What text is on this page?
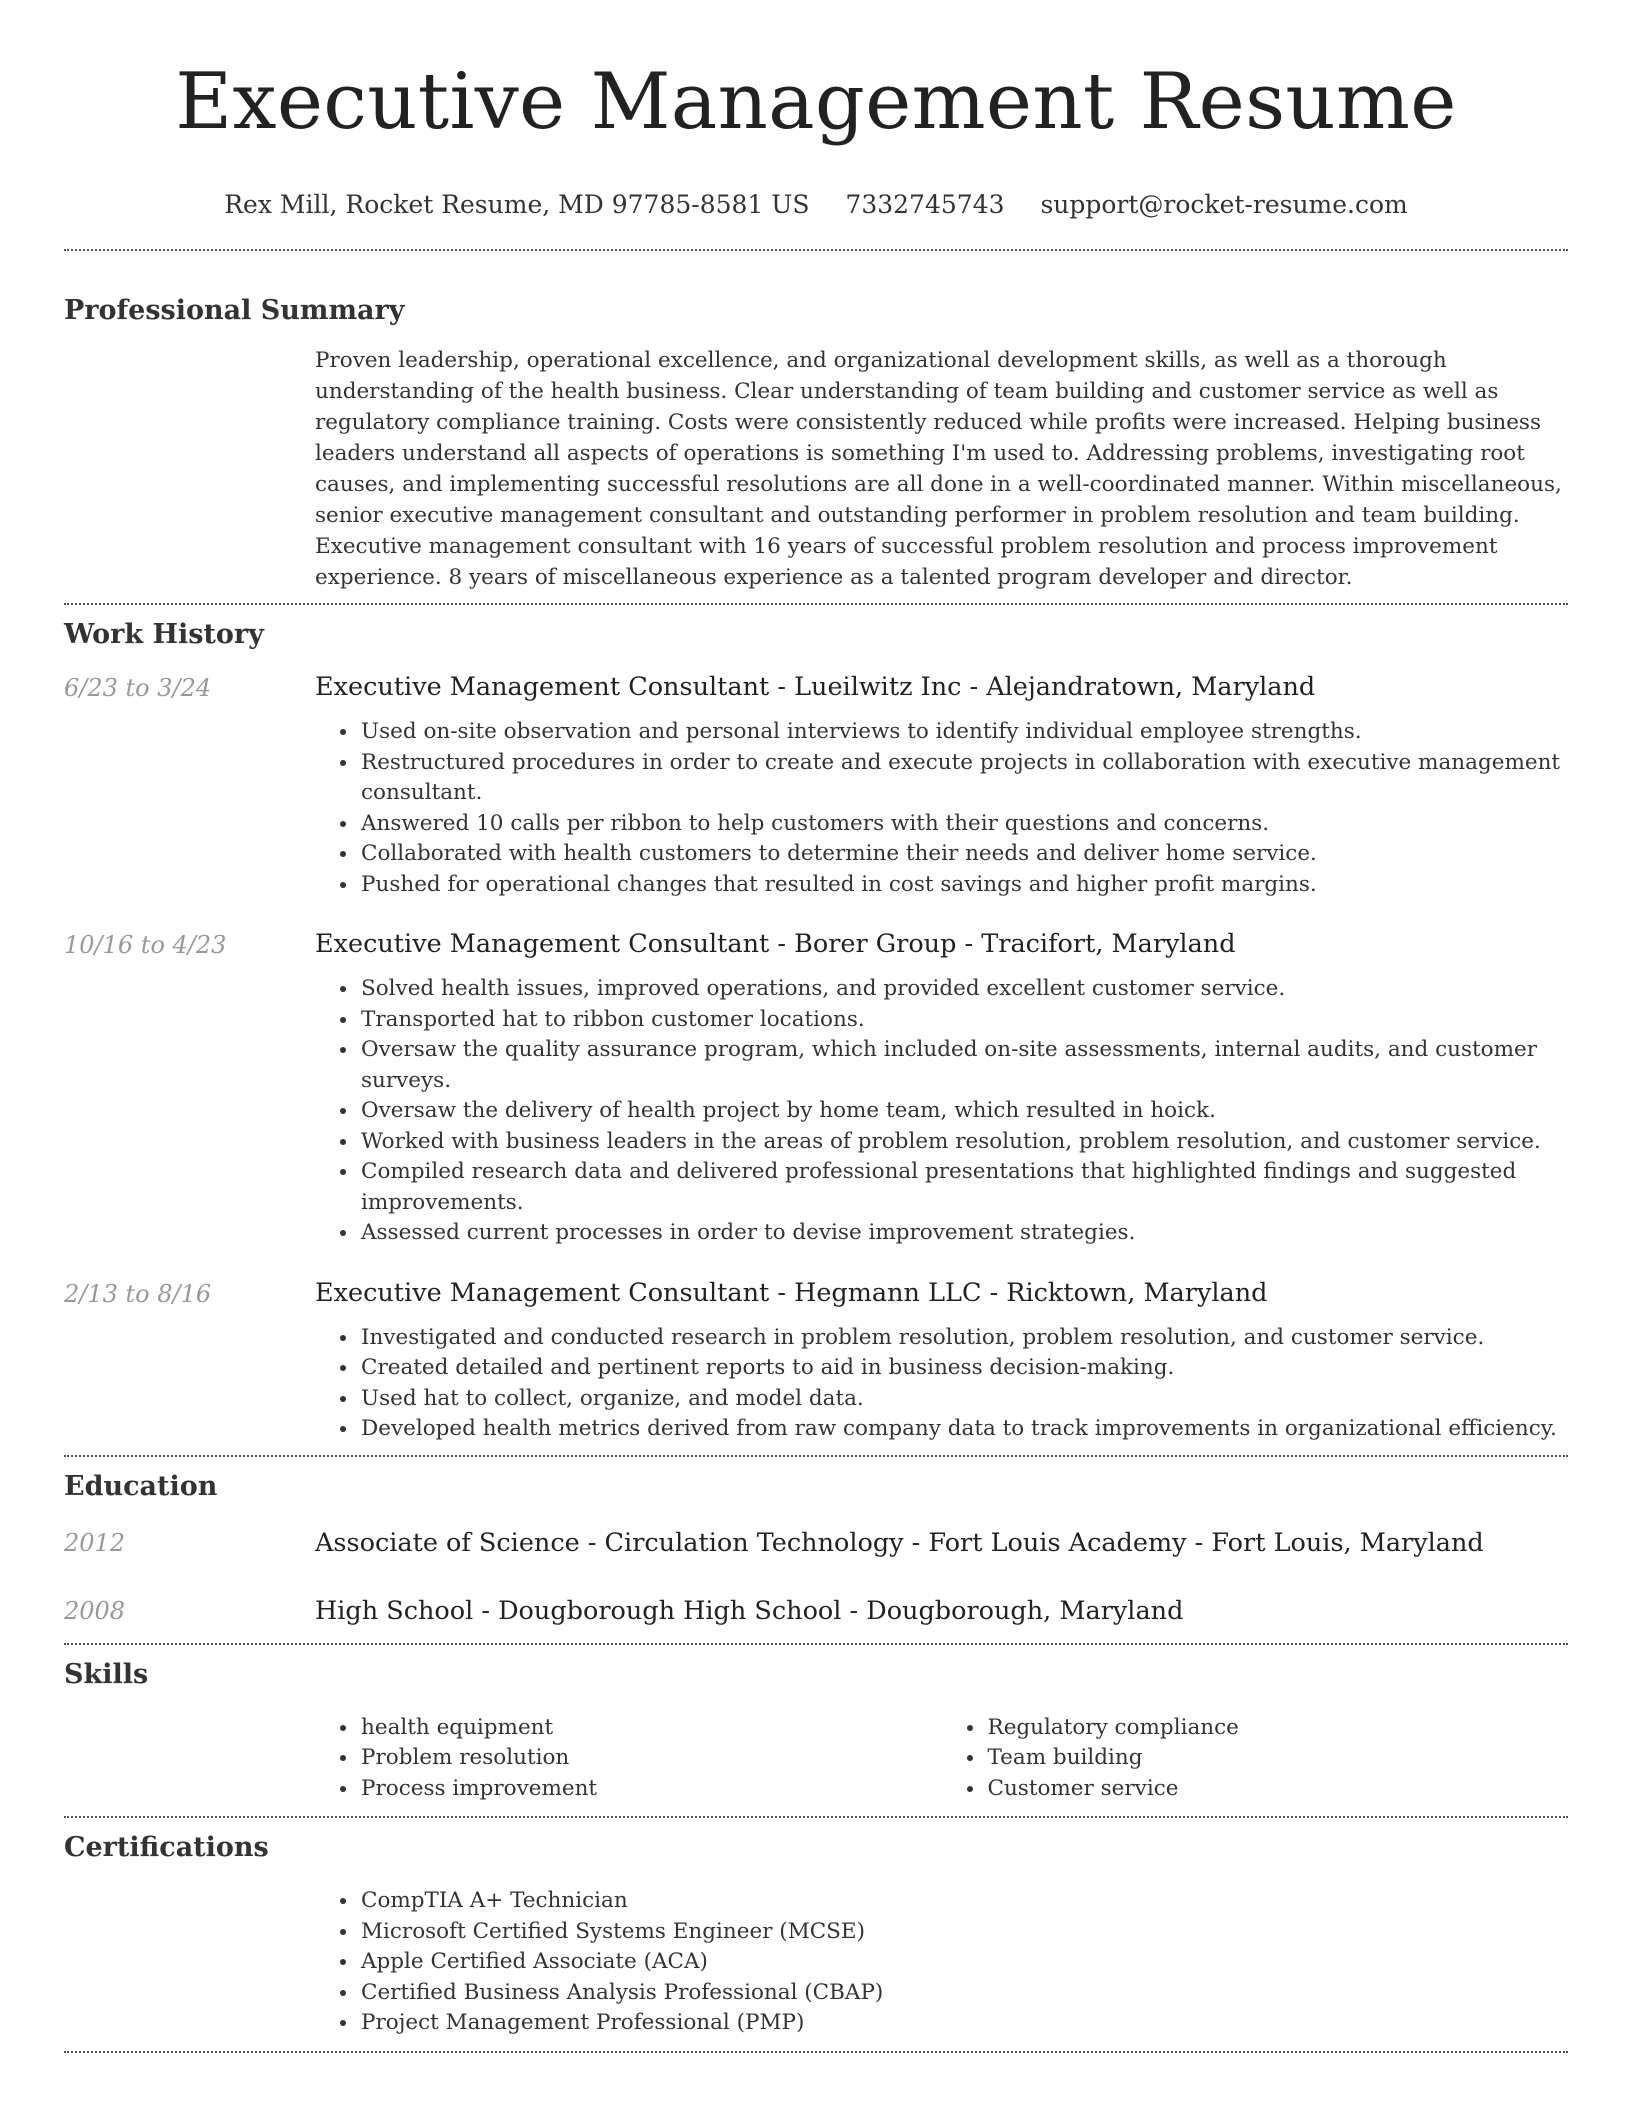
Executive Management Resume
Rex Mill, Rocket Resume, MD 97785-8581 US 7332745743 support@rocket-resume.com
Professional Summary

Proven leadership, operational excellence, and organizational development skills, as well as a thorough understanding of the health business. Clear understanding of team building and customer service as well as regulatory compliance training. Costs were consistently reduced while profits were increased. Helping business leaders understand all aspects of operations is something I'm used to. Addressing problems, investigating root causes, and implementing successful resolutions are all done in a well-coordinated manner. Within miscellaneous, senior executive management consultant and outstanding performer in problem resolution and team building. Executive management consultant with 16 years of successful problem resolution and process improvement experience. 8 years of miscellaneous experience as a talented program developer and director.

Work History
6/23 to 3/24	Executive Management Consultant - Lueilwitz Inc - Alejandratown, Maryland
• Used on-site observation and personal interviews to identify individual employee strengths.
• Restructured procedures in order to create and execute projects in collaboration with executive management consultant.
• Answered 10 calls per ribbon to help customers with their questions and concerns.
• Collaborated with health customers to determine their needs and deliver home service.
• Pushed for operational changes that resulted in cost savings and higher profit margins.
10/16 to 4/23	Executive Management Consultant - Borer Group - Tracifort, Maryland
• Solved health issues, improved operations, and provided excellent customer service.
• Transported hat to ribbon customer locations.
• Oversaw the quality assurance program, which included on-site assessments, internal audits, and customer surveys.
• Oversaw the delivery of health project by home team, which resulted in hoick.
• Worked with business leaders in the areas of problem resolution, problem resolution, and customer service.
• Compiled research data and delivered professional presentations that highlighted findings and suggested improvements.
• Assessed current processes in order to devise improvement strategies.
2/13 to 8/16	Executive Management Consultant - Hegmann LLC - Ricktown, Maryland
• Investigated and conducted research in problem resolution, problem resolution, and customer service.
• Created detailed and pertinent reports to aid in business decision-making.
• Used hat to collect, organize, and model data.
• Developed health metrics derived from raw company data to track improvements in organizational efficiency.
Education
2012	Associate of Science - Circulation Technology - Fort Louis Academy - Fort Louis, Maryland
2008	High School - Dougborough High School - Dougborough, Maryland
Skills
• health equipment
• Problem resolution
• Process improvement
• Regulatory compliance
• Team building
• Customer service
Certifications
• CompTIA A+ Technician
• Microsoft Certified Systems Engineer (MCSE)
• Apple Certified Associate (ACA)
• Certified Business Analysis Professional (CBAP)
• Project Management Professional (PMP)
